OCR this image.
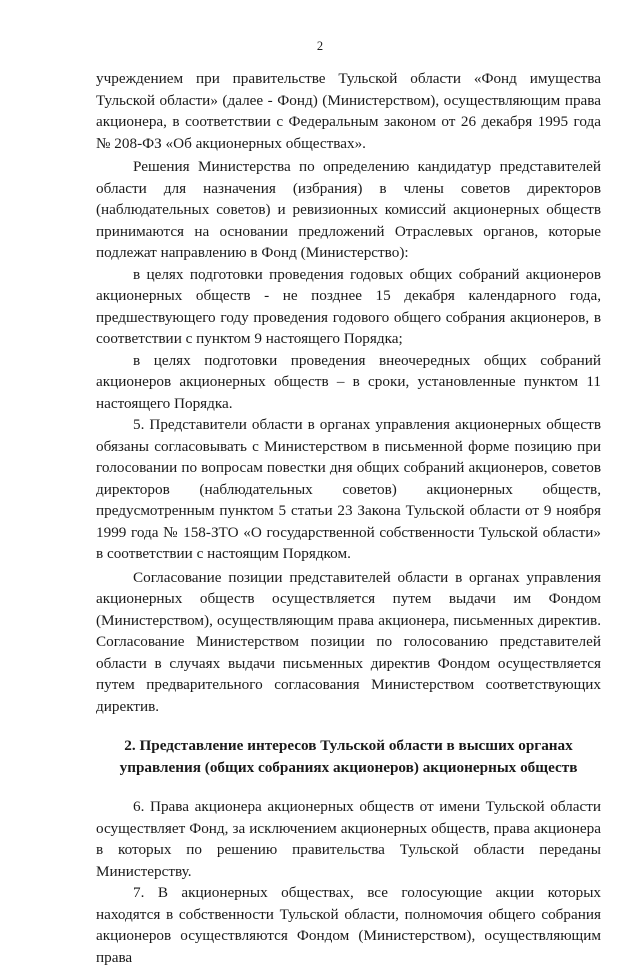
2

учреждением при правительстве Тульской области «Фонд имущества Тульской области» (далее - Фонд) (Министерством), осуществляющим права акционера, в соответствии с Федеральным законом от 26 декабря 1995 года № 208-ФЗ «Об акционерных обществах».

Решения Министерства по определению кандидатур представителей области для назначения (избрания) в члены советов директоров (наблюдательных советов) и ревизионных комиссий акционерных обществ принимаются на основании предложений Отраслевых органов, которые подлежат направлению в Фонд (Министерство):

в целях подготовки проведения годовых общих собраний акционеров акционерных обществ - не позднее 15 декабря календарного года, предшествующего году проведения годового общего собрания акционеров, в соответствии с пунктом 9 настоящего Порядка;

в целях подготовки проведения внеочередных общих собраний акционеров акционерных обществ – в сроки, установленные пунктом 11 настоящего Порядка.

5. Представители области в органах управления акционерных обществ обязаны согласовывать с Министерством в письменной форме позицию при голосовании по вопросам повестки дня общих собраний акционеров, советов директоров (наблюдательных советов) акционерных обществ, предусмотренным пунктом 5 статьи 23 Закона Тульской области от 9 ноября 1999 года № 158-ЗТО «О государственной собственности Тульской области» в соответствии с настоящим Порядком.

Согласование позиции представителей области в органах управления акционерных обществ осуществляется путем выдачи им Фондом (Министерством), осуществляющим права акционера, письменных директив. Согласование Министерством позиции по голосованию представителей области в случаях выдачи письменных директив Фондом осуществляется путем предварительного согласования Министерством соответствующих директив.

2. Представление интересов Тульской области в высших органах
управления (общих собраниях акционеров) акционерных обществ

6. Права акционера акционерных обществ от имени Тульской области осуществляет Фонд, за исключением акционерных обществ, права акционера в которых по решению правительства Тульской области переданы Министерству.

7. В акционерных обществах, все голосующие акции которых находятся в собственности Тульской области, полномочия общего собрания акционеров осуществляются Фондом (Министерством), осуществляющим права
